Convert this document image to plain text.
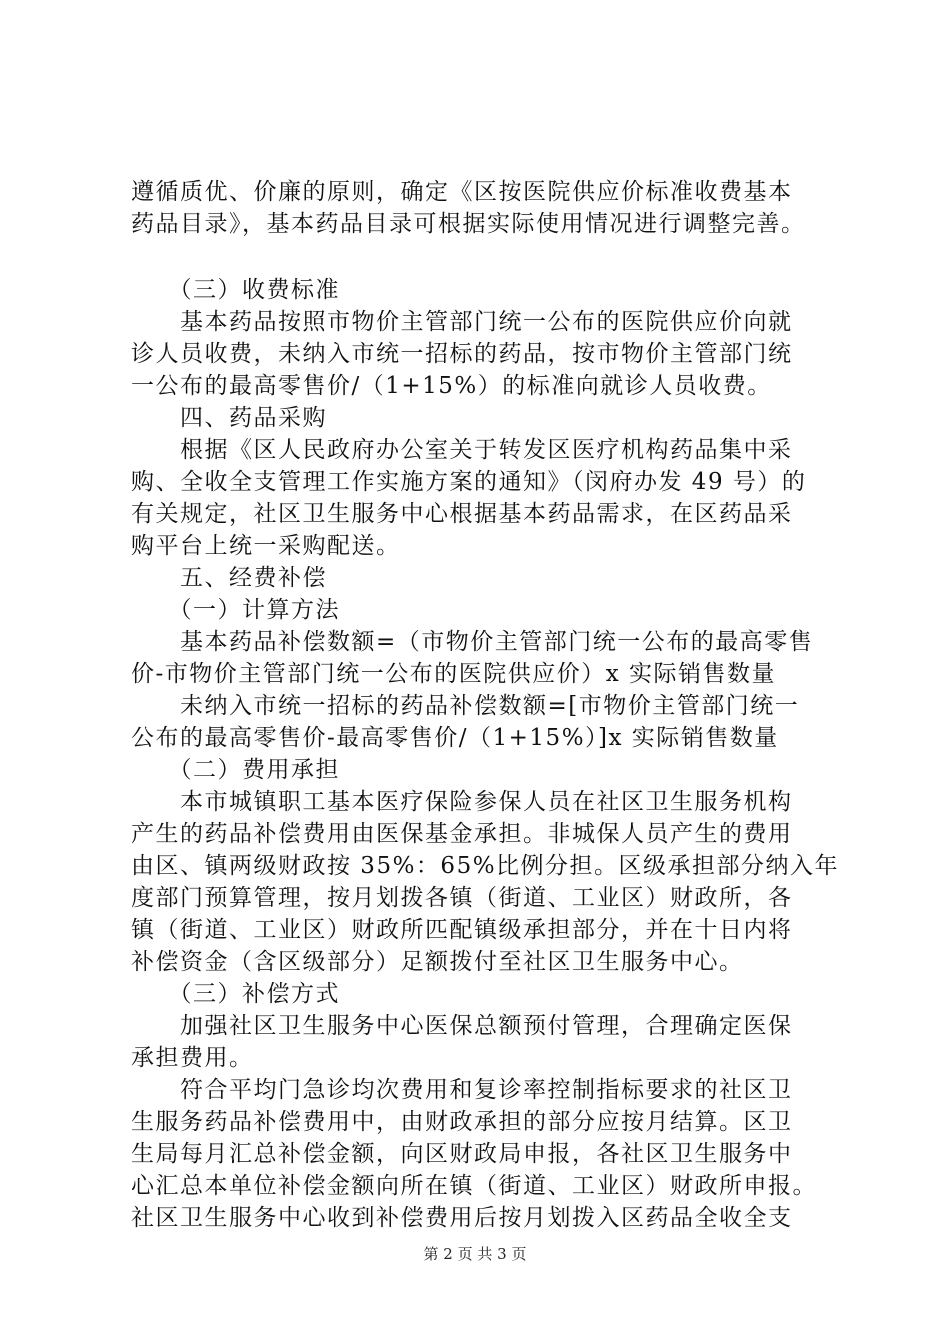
遵循质优、价廉的原则，确定《区按医院供应价标准收费基本

药品目录》，基本药品目录可根据实际使用情况进行调整完善。

　　（三）收费标准

　　基本药品按照市物价主管部门统一公布的医院供应价向就

诊人员收费，未纳入市统一招标的药品，按市物价主管部门统

一公布的最高零售价/（1+15%）的标准向就诊人员收费。

　　四、药品采购

　　根据《区人民政府办公室关于转发区医疗机构药品集中采

购、全收全支管理工作实施方案的通知》（闵府办发 49 号）的

有关规定，社区卫生服务中心根据基本药品需求，在区药品采

购平台上统一采购配送。

　　五、经费补偿

　　（一）计算方法

　　基本药品补偿数额=（市物价主管部门统一公布的最高零售

价-市物价主管部门统一公布的医院供应价）x 实际销售数量

　　未纳入市统一招标的药品补偿数额=[市物价主管部门统一

公布的最高零售价-最高零售价/（1+15%）]x 实际销售数量

　　（二）费用承担

　　本市城镇职工基本医疗保险参保人员在社区卫生服务机构

产生的药品补偿费用由医保基金承担。非城保人员产生的费用

由区、镇两级财政按 35%：65%比例分担。区级承担部分纳入年

度部门预算管理，按月划拨各镇（街道、工业区）财政所，各

镇（街道、工业区）财政所匹配镇级承担部分，并在十日内将

补偿资金（含区级部分）足额拨付至社区卫生服务中心。

　　（三）补偿方式

　　加强社区卫生服务中心医保总额预付管理，合理确定医保

承担费用。

　　符合平均门急诊均次费用和复诊率控制指标要求的社区卫

生服务药品补偿费用中，由财政承担的部分应按月结算。区卫

生局每月汇总补偿金额，向区财政局申报，各社区卫生服务中

心汇总本单位补偿金额向所在镇（街道、工业区）财政所申报。

社区卫生服务中心收到补偿费用后按月划拨入区药品全收全支

第 2 页 共 3 页
